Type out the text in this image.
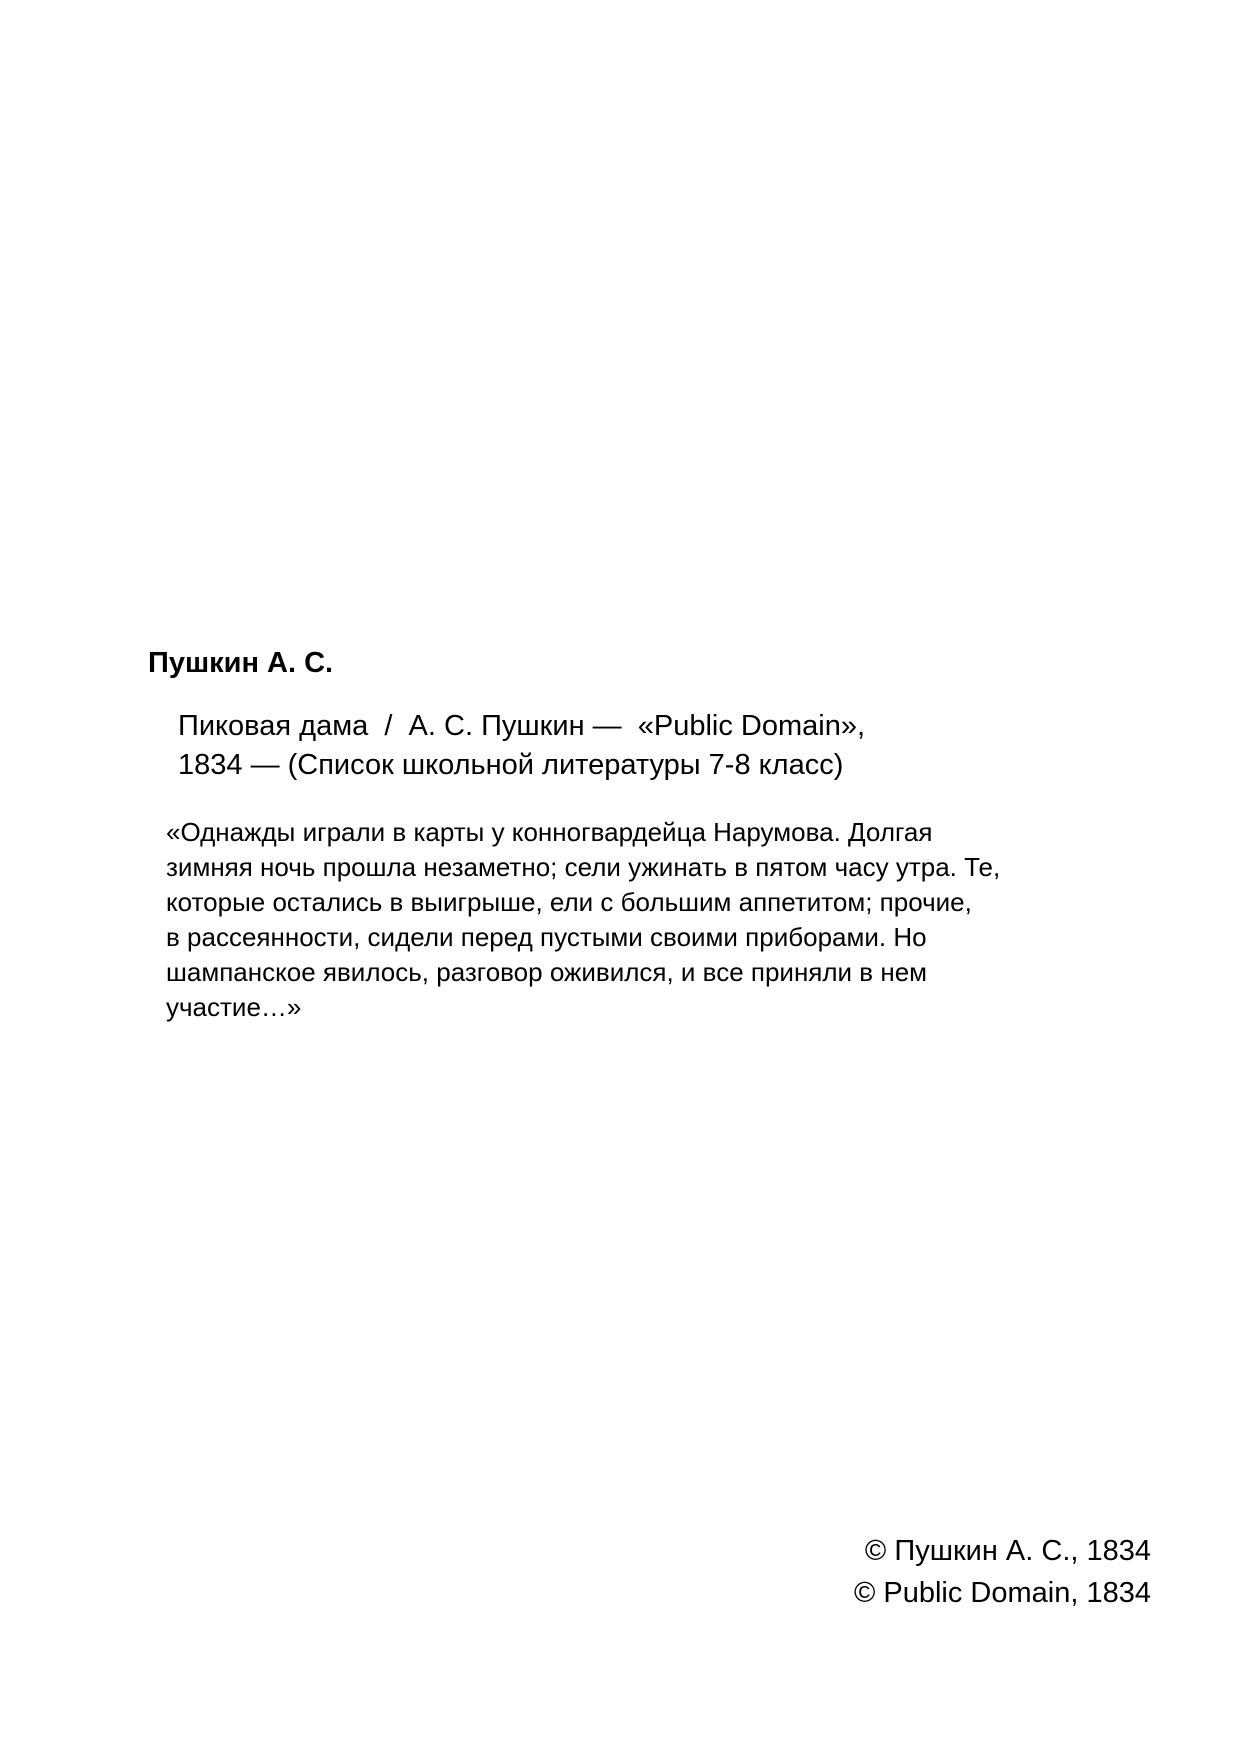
Пушкин А. С.
Пиковая дама  /  А. С. Пушкин —  «Public Domain»,
1834 — (Список школьной литературы 7-8 класс)
«Однажды играли в карты у конногвардейца Нарумова. Долгая
зимняя ночь прошла незаметно; сели ужинать в пятом часу утра. Те,
которые остались в выигрыше, ели с большим аппетитом; прочие,
в рассеянности, сидели перед пустыми своими приборами. Но
шампанское явилось, разговор оживился, и все приняли в нем
участие…»
© Пушкин А. С., 1834
© Public Domain, 1834
